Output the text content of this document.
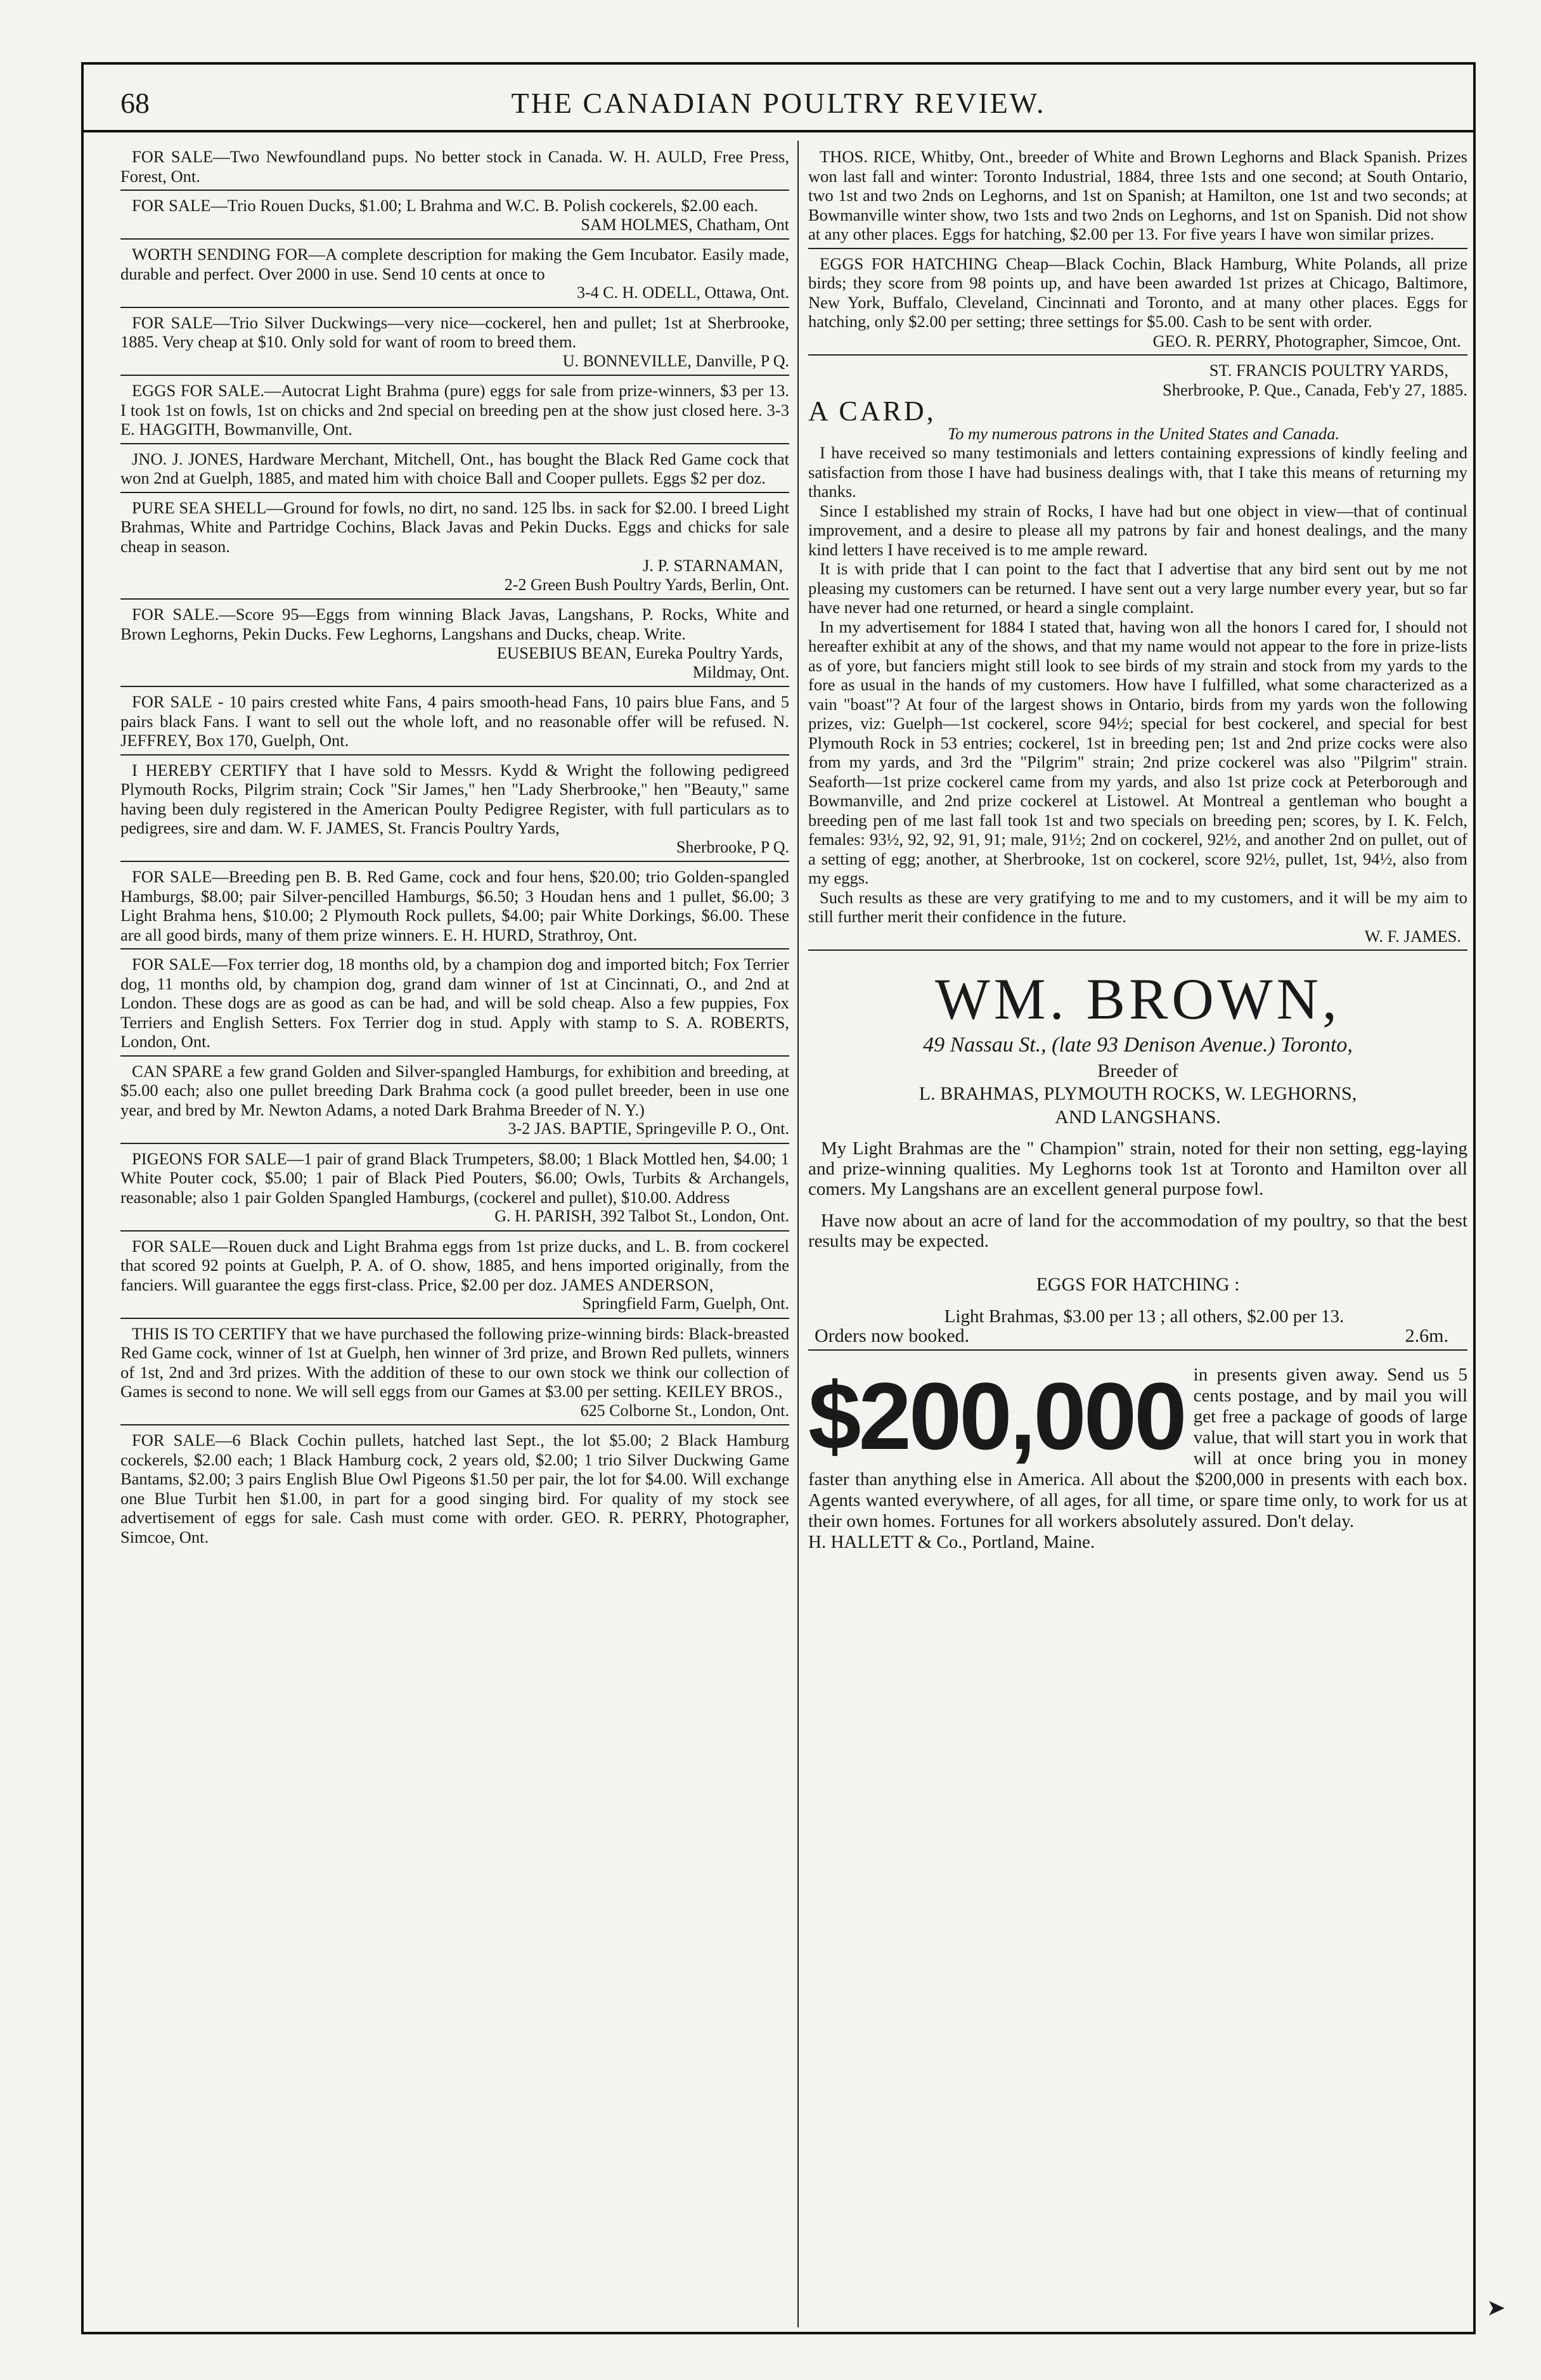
68	THE CANADIAN POULTRY REVIEW.

FOR SALE—Two Newfoundland pups. No better stock in Canada. W. H. AULD, Free Press, Forest, Ont.

FOR SALE—Trio Rouen Ducks, $1.00; L Brahma and W.C. B. Polish cockerels, $2.00 each.

SAM HOLMES, Chatham, Ont

WORTH SENDING FOR—A complete description for making the Gem Incubator. Easily made, durable and perfect. Over 2000 in use. Send 10 cents at once to

3-4 C. H. ODELL, Ottawa, Ont.

FOR SALE—Trio Silver Duckwings—very nice—cockerel, hen and pullet; 1st at Sherbrooke, 1885. Very cheap at $10. Only sold for want of room to breed them.

U. BONNEVILLE, Danville, P Q.

EGGS FOR SALE.—Autocrat Light Brahma (pure) eggs for sale from prize-winners, $3 per 13. I took 1st on fowls, 1st on chicks and 2nd special on breeding pen at the show just closed here. 3-3 E. HAGGITH, Bowmanville, Ont.

JNO. J. JONES, Hardware Merchant, Mitchell, Ont., has bought the Black Red Game cock that won 2nd at Guelph, 1885, and mated him with choice Ball and Cooper pullets. Eggs $2 per doz.

PURE SEA SHELL—Ground for fowls, no dirt, no sand. 125 lbs. in sack for $2.00. I breed Light Brahmas, White and Partridge Cochins, Black Javas and Pekin Ducks. Eggs and chicks for sale cheap in season.

J. P. STARNAMAN,

2-2 Green Bush Poultry Yards, Berlin, Ont.

FOR SALE.—Score 95—Eggs from winning Black Javas, Langshans, P. Rocks, White and Brown Leghorns, Pekin Ducks. Few Leghorns, Langshans and Ducks, cheap. Write.

EUSEBIUS BEAN, Eureka Poultry Yards,

Mildmay, Ont.

FOR SALE - 10 pairs crested white Fans, 4 pairs smooth-head Fans, 10 pairs blue Fans, and 5 pairs black Fans. I want to sell out the whole loft, and no reasonable offer will be refused. N. JEFFREY, Box 170, Guelph, Ont.

I HEREBY CERTIFY that I have sold to Messrs. Kydd & Wright the following pedigreed Plymouth Rocks, Pilgrim strain; Cock "Sir James," hen "Lady Sherbrooke," hen "Beauty," same having been duly registered in the American Poulty Pedigree Register, with full particulars as to pedigrees, sire and dam. W. F. JAMES, St. Francis Poultry Yards,

Sherbrooke, P Q.

FOR SALE—Breeding pen B. B. Red Game, cock and four hens, $20.00; trio Golden-spangled Hamburgs, $8.00; pair Silver-pencilled Hamburgs, $6.50; 3 Houdan hens and 1 pullet, $6.00; 3 Light Brahma hens, $10.00; 2 Plymouth Rock pullets, $4.00; pair White Dorkings, $6.00. These are all good birds, many of them prize winners. E. H. HURD, Strathroy, Ont.

FOR SALE—Fox terrier dog, 18 months old, by a champion dog and imported bitch; Fox Terrier dog, 11 months old, by champion dog, grand dam winner of 1st at Cincinnati, O., and 2nd at London. These dogs are as good as can be had, and will be sold cheap. Also a few puppies, Fox Terriers and English Setters. Fox Terrier dog in stud. Apply with stamp to S. A. ROBERTS, London, Ont.

CAN SPARE a few grand Golden and Silver-spangled Hamburgs, for exhibition and breeding, at $5.00 each; also one pullet breeding Dark Brahma cock (a good pullet breeder, been in use one year, and bred by Mr. Newton Adams, a noted Dark Brahma Breeder of N. Y.)

3-2 JAS. BAPTIE, Springeville P. O., Ont.

PIGEONS FOR SALE—1 pair of grand Black Trumpeters, $8.00; 1 Black Mottled hen, $4.00; 1 White Pouter cock, $5.00; 1 pair of Black Pied Pouters, $6.00; Owls, Turbits & Archangels, reasonable; also 1 pair Golden Spangled Hamburgs, (cockerel and pullet), $10.00. Address

G. H. PARISH, 392 Talbot St., London, Ont.

FOR SALE—Rouen duck and Light Brahma eggs from 1st prize ducks, and L. B. from cockerel that scored 92 points at Guelph, P. A. of O. show, 1885, and hens imported originally, from the fanciers. Will guarantee the eggs first-class. Price, $2.00 per doz. JAMES ANDERSON,

Springfield Farm, Guelph, Ont.

THIS IS TO CERTIFY that we have purchased the following prize-winning birds: Black-breasted Red Game cock, winner of 1st at Guelph, hen winner of 3rd prize, and Brown Red pullets, winners of 1st, 2nd and 3rd prizes. With the addition of these to our own stock we think our collection of Games is second to none. We will sell eggs from our Games at $3.00 per setting. KEILEY BROS.,

625 Colborne St., London, Ont.

FOR SALE—6 Black Cochin pullets, hatched last Sept., the lot $5.00; 2 Black Hamburg cockerels, $2.00 each; 1 Black Hamburg cock, 2 years old, $2.00; 1 trio Silver Duckwing Game Bantams, $2.00; 3 pairs English Blue Owl Pigeons $1.50 per pair, the lot for $4.00. Will exchange one Blue Turbit hen $1.00, in part for a good singing bird. For quality of my stock see advertisement of eggs for sale. Cash must come with order. GEO. R. PERRY, Photographer, Simcoe, Ont.

THOS. RICE, Whitby, Ont., breeder of White and Brown Leghorns and Black Spanish. Prizes won last fall and winter: Toronto Industrial, 1884, three 1sts and one second; at South Ontario, two 1st and two 2nds on Leghorns, and 1st on Spanish; at Hamilton, one 1st and two seconds; at Bowmanville winter show, two 1sts and two 2nds on Leghorns, and 1st on Spanish. Did not show at any other places. Eggs for hatching, $2.00 per 13. For five years I have won similar prizes.

EGGS FOR HATCHING Cheap—Black Cochin, Black Hamburg, White Polands, all prize birds; they score from 98 points up, and have been awarded 1st prizes at Chicago, Baltimore, New York, Buffalo, Cleveland, Cincinnati and Toronto, and at many other places. Eggs for hatching, only $2.00 per setting; three settings for $5.00. Cash to be sent with order.

GEO. R. PERRY, Photographer, Simcoe, Ont.

ST. FRANCIS POULTRY YARDS,

Sherbrooke, P. Que., Canada, Feb'y 27, 1885.

A CARD,

To my numerous patrons in the United States and Canada.

I have received so many testimonials and letters containing expressions of kindly feeling and satisfaction from those I have had business dealings with, that I take this means of returning my thanks.

Since I established my strain of Rocks, I have had but one object in view—that of continual improvement, and a desire to please all my patrons by fair and honest dealings, and the many kind letters I have received is to me ample reward.

It is with pride that I can point to the fact that I advertise that any bird sent out by me not pleasing my customers can be returned. I have sent out a very large number every year, but so far have never had one returned, or heard a single complaint.

In my advertisement for 1884 I stated that, having won all the honors I cared for, I should not hereafter exhibit at any of the shows, and that my name would not appear to the fore in prize-lists as of yore, but fanciers might still look to see birds of my strain and stock from my yards to the fore as usual in the hands of my customers. How have I fulfilled, what some characterized as a vain "boast"? At four of the largest shows in Ontario, birds from my yards won the following prizes, viz: Guelph—1st cockerel, score 94½; special for best cockerel, and special for best Plymouth Rock in 53 entries; cockerel, 1st in breeding pen; 1st and 2nd prize cocks were also from my yards, and 3rd the "Pilgrim" strain; 2nd prize cockerel was also "Pilgrim" strain. Seaforth—1st prize cockerel came from my yards, and also 1st prize cock at Peterborough and Bowmanville, and 2nd prize cockerel at Listowel. At Montreal a gentleman who bought a breeding pen of me last fall took 1st and two specials on breeding pen; scores, by I. K. Felch, females: 93½, 92, 92, 91, 91; male, 91½; 2nd on cockerel, 92½, and another 2nd on pullet, out of a setting of egg; another, at Sherbrooke, 1st on cockerel, score 92½, pullet, 1st, 94½, also from my eggs.

Such results as these are very gratifying to me and to my customers, and it will be my aim to still further merit their confidence in the future.

W. F. JAMES.

WM. BROWN,
49 Nassau St., (late 93 Denison Avenue.) Toronto,
Breeder of
L. BRAHMAS, PLYMOUTH ROCKS, W. LEGHORNS,
AND LANGSHANS.

My Light Brahmas are the " Champion" strain, noted for their non setting, egg-laying and prize-winning qualities. My Leghorns took 1st at Toronto and Hamilton over all comers. My Langshans are an excellent general purpose fowl.

Have now about an acre of land for the accommodation of my poultry, so that the best results may be expected.

EGGS FOR HATCHING :

Light Brahmas, $3.00 per 13 ; all others, $2.00 per 13.

Orders now booked.	2.6m.
$200,000 in presents given away. Send us 5 cents postage, and by mail you will get free a package of goods of large value, that will start you in work that will at once bring you in money faster than anything else in America. All about the $200,000 in presents with each box. Agents wanted everywhere, of all ages, for all time, or spare time only, to work for us at their own homes. Fortunes for all workers absolutely assured. Don't delay.

H. HALLETT & Co., Portland, Maine.

➤
